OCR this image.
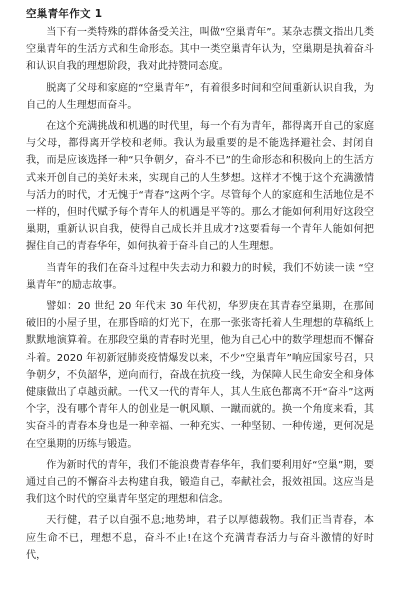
空巢青年作文 1

当下有一类特殊的群体备受关注，叫做“空巢青年”。某杂志撰文指出几类空巢青年的生活方式和生命形态。其中一类空巢青年认为，空巢期是执着奋斗和认识自我的理想阶段，我对此持赞同态度。

脱离了父母和家庭的“空巢青年”，有着很多时间和空间重新认识自我，为自己的人生理想而奋斗。

在这个充满挑战和机遇的时代里，每一个有为青年，都得离开自己的家庭与父母，都得离开学校和老师。我认为最重要的是不能选择避社会、封闭自我，而是应该选择一种“只争朝夕，奋斗不已”的生命形态和积极向上的生活方式来开创自己的美好未来，实现自己的人生梦想。这样才不愧于这个充满激情与活力的时代，才无愧于“青春”这两个字。尽管每个人的家庭和生活地位是不一样的，但时代赋予每个青年人的机遇是平等的。那么才能如何利用好这段空巢期，重新认识自我，使得自己成长并且成才?这要看每一个青年人能如何把握住自己的青春华年，如何执着于奋斗自己的人生理想。

当青年的我们在奋斗过程中失去动力和毅力的时候，我们不妨读一读 “空巢青年”的励志故事。

譬如：20 世纪 20 年代末 30 年代初，华罗庚在其青春空巢期，在那间破旧的小屋子里，在那昏暗的灯光下，在那一张张寄托着人生理想的草稿纸上默默地演算着。在那段空巢的青春时光里，他为自己心中的数学理想而不懈奋斗着。2020 年初新冠肺炎疫情爆发以来，不少“空巢青年”响应国家号召，只争朝夕，不负韶华，逆向而行，奋战在抗疫一线，为保障人民生命安全和身体健康做出了卓越贡献。一代又一代的青年人，其人生底色都离不开“奋斗”这两个字，没有哪个青年人的创业是一帆风顺、一蹴而就的。换一个角度来看，其实奋斗的青春本身也是一种幸福、一种充实、一种坚韧、一种传递，更何况是在空巢期的历练与锻造。

作为新时代的青年，我们不能浪费青春华年，我们要利用好“空巢”期，要通过自己的不懈奋斗去构建自我，锻造自己，奉献社会，报效祖国。这应当是我们这个时代的空巢青年坚定的理想和信念。

天行健，君子以自强不息;地势坤，君子以厚德载物。我们正当青春，本应生命不已，理想不息，奋斗不止!在这个充满青春活力与奋斗激情的好时代，
